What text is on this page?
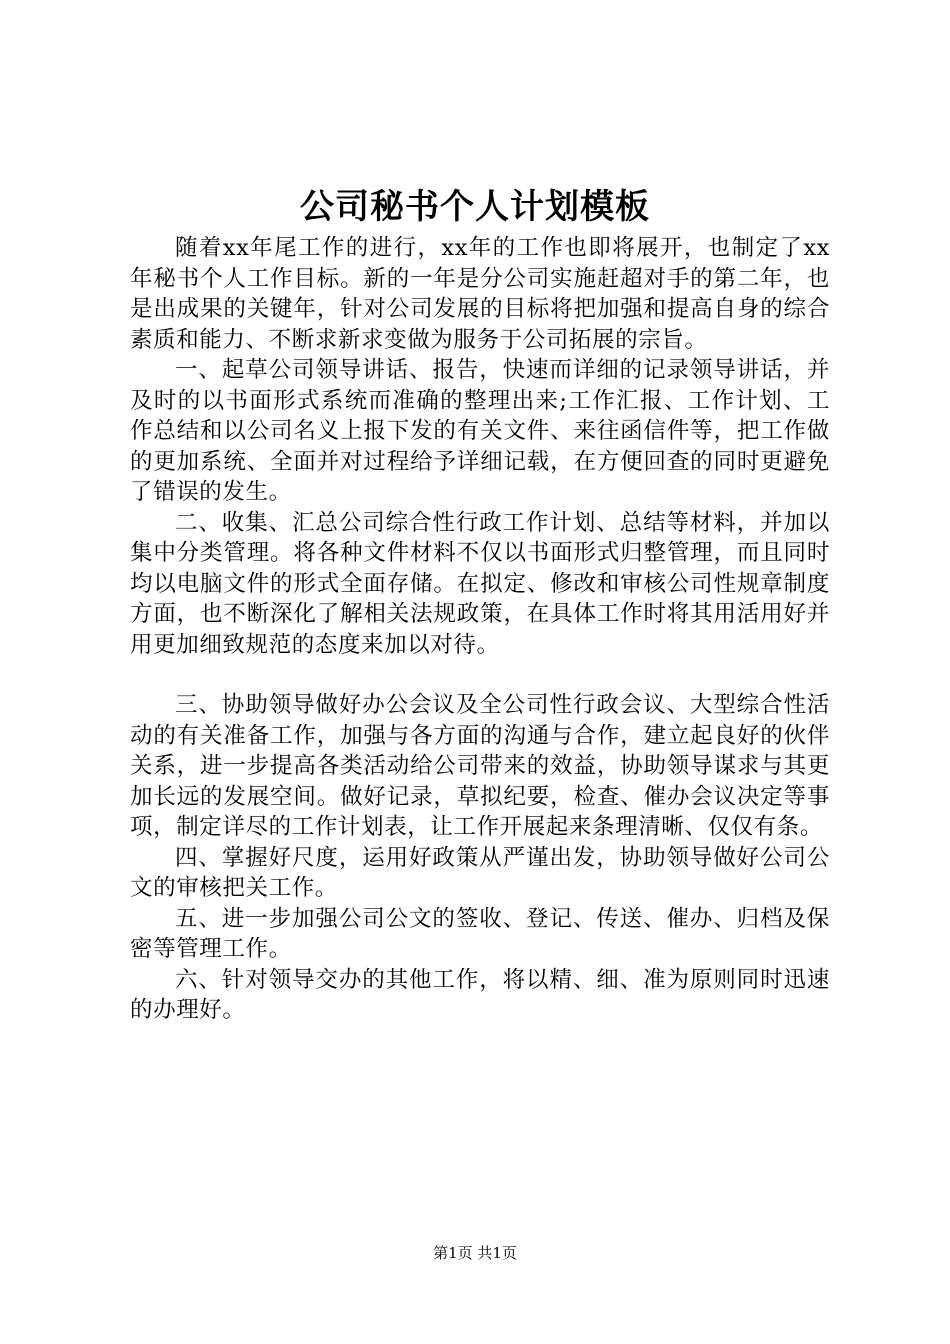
公司秘书个人计划模板

随着xx年尾工作的进行，xx年的工作也即将展开，也制定了xx年秘书个人工作目标。新的一年是分公司实施赶超对手的第二年，也是出成果的关键年，针对公司发展的目标将把加强和提高自身的综合素质和能力、不断求新求变做为服务于公司拓展的宗旨。

一、起草公司领导讲话、报告，快速而详细的记录领导讲话，并及时的以书面形式系统而准确的整理出来;工作汇报、工作计划、工作总结和以公司名义上报下发的有关文件、来往函信件等，把工作做的更加系统、全面并对过程给予详细记载，在方便回查的同时更避免了错误的发生。

二、收集、汇总公司综合性行政工作计划、总结等材料，并加以集中分类管理。将各种文件材料不仅以书面形式归整管理，而且同时均以电脑文件的形式全面存储。在拟定、修改和审核公司性规章制度方面，也不断深化了解相关法规政策，在具体工作时将其用活用好并用更加细致规范的态度来加以对待。

三、协助领导做好办公会议及全公司性行政会议、大型综合性活动的有关准备工作，加强与各方面的沟通与合作，建立起良好的伙伴关系，进一步提高各类活动给公司带来的效益，协助领导谋求与其更加长远的发展空间。做好记录，草拟纪要，检查、催办会议决定等事项，制定详尽的工作计划表，让工作开展起来条理清晰、仅仅有条。

四、掌握好尺度，运用好政策从严谨出发，协助领导做好公司公文的审核把关工作。

五、进一步加强公司公文的签收、登记、传送、催办、归档及保密等管理工作。

六、针对领导交办的其他工作，将以精、细、准为原则同时迅速的办理好。

第1页 共1页
